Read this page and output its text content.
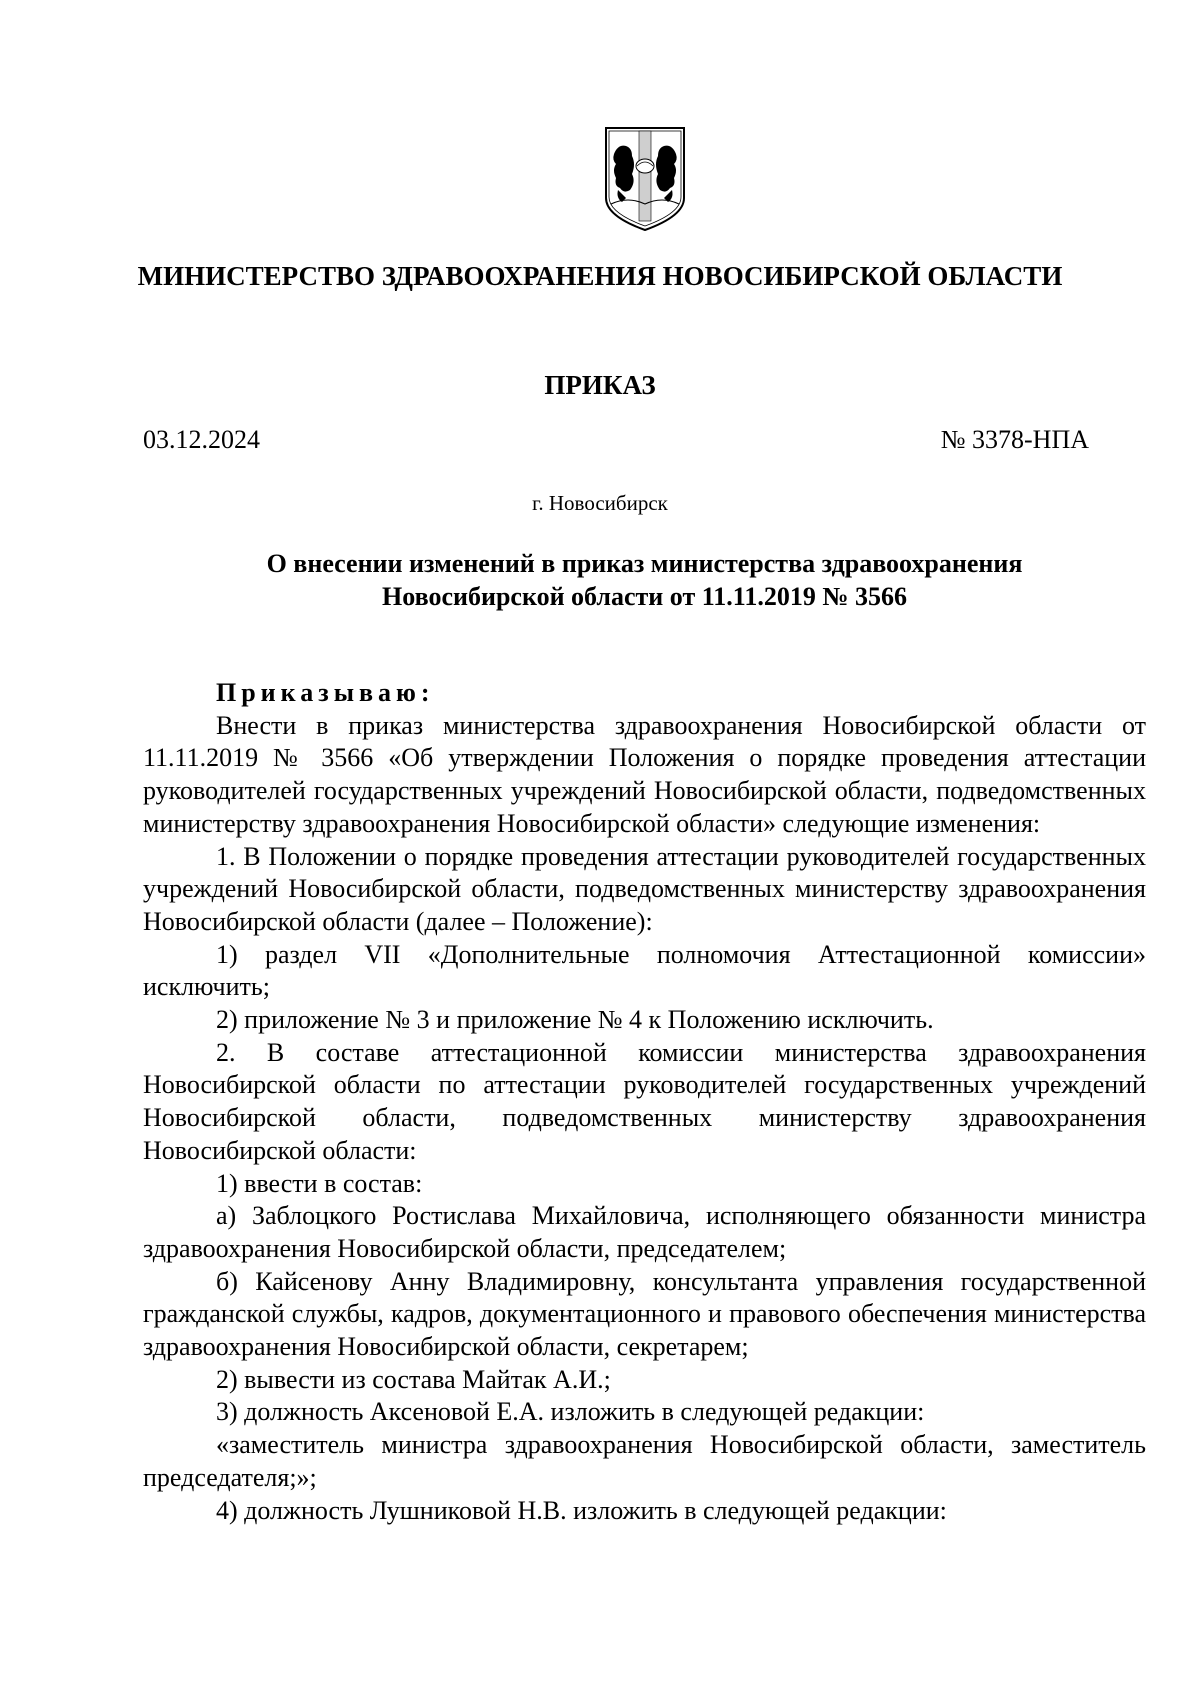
МИНИСТЕРСТВО ЗДРАВООХРАНЕНИЯ НОВОСИБИРСКОЙ ОБЛАСТИ
ПРИКАЗ
03.12.2024	№ 3378-НПА
г. Новосибирск
О внесении изменений в приказ министерства здравоохранения
Новосибирской области от 11.11.2019 № 3566

Приказываю:

Внести в приказ министерства здравоохранения Новосибирской области от 11.11.2019 № 3566 «Об утверждении Положения о порядке проведения аттестации руководителей государственных учреждений Новосибирской области, подведомственных министерству здравоохранения Новосибирской области» следующие изменения:

1. В Положении о порядке проведения аттестации руководителей государственных учреждений Новосибирской области, подведомственных министерству здравоохранения Новосибирской области (далее – Положение):

1) раздел VII «Дополнительные полномочия Аттестационной комиссии» исключить;

2) приложение № 3 и приложение № 4 к Положению исключить.

2. В составе аттестационной комиссии министерства здравоохранения Новосибирской области по аттестации руководителей государственных учреждений Новосибирской области, подведомственных министерству здравоохранения Новосибирской области:

1) ввести в состав:

а) Заблоцкого Ростислава Михайловича, исполняющего обязанности министра здравоохранения Новосибирской области, председателем;

б) Кайсенову Анну Владимировну, консультанта управления государственной гражданской службы, кадров, документационного и правового обеспечения министерства здравоохранения Новосибирской области, секретарем;

2) вывести из состава Майтак А.И.;

3) должность Аксеновой Е.А. изложить в следующей редакции:

«заместитель министра здравоохранения Новосибирской области, заместитель председателя;»;

4) должность Лушниковой Н.В. изложить в следующей редакции:
